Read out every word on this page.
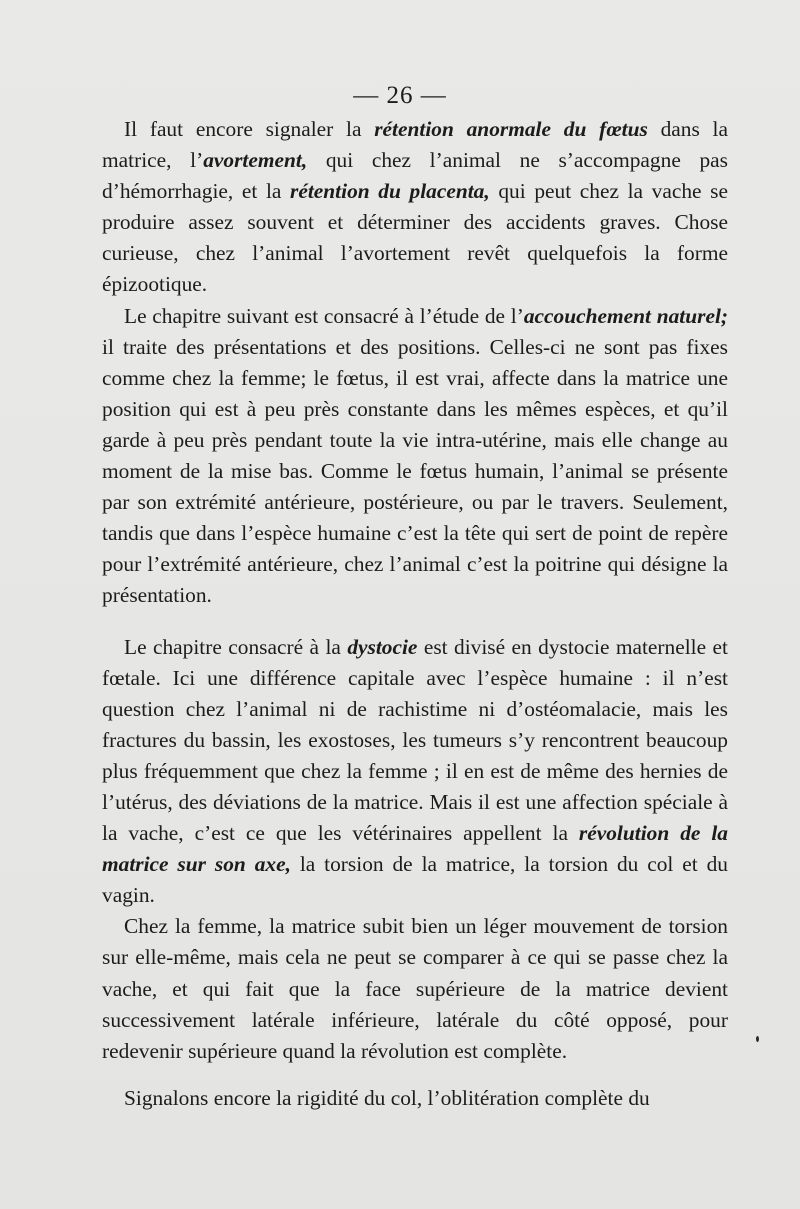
— 26 —

Il faut encore signaler la rétention anormale du fœtus dans la matrice, l’avortement, qui chez l’animal ne s’accompagne pas d’hémorrhagie, et la rétention du placenta, qui peut chez la vache se produire assez souvent et déterminer des accidents graves. Chose curieuse, chez l’animal l’avortement revêt quelquefois la forme épizootique.

Le chapitre suivant est consacré à l’étude de l’accouchement naturel; il traite des présentations et des positions. Celles-ci ne sont pas fixes comme chez la femme; le fœtus, il est vrai, affecte dans la matrice une position qui est à peu près constante dans les mêmes espèces, et qu’il garde à peu près pendant toute la vie intra-utérine, mais elle change au moment de la mise bas. Comme le fœtus humain, l’animal se présente par son extrémité antérieure, postérieure, ou par le travers. Seulement, tandis que dans l’espèce humaine c’est la tête qui sert de point de repère pour l’extrémité antérieure, chez l’animal c’est la poitrine qui désigne la présentation.

Le chapitre consacré à la dystocie est divisé en dystocie maternelle et fœtale. Ici une différence capitale avec l’espèce humaine : il n’est question chez l’animal ni de rachistime ni d’ostéomalacie, mais les fractures du bassin, les exostoses, les tumeurs s’y rencontrent beaucoup plus fréquemment que chez la femme ; il en est de même des hernies de l’utérus, des déviations de la matrice. Mais il est une affection spéciale à la vache, c’est ce que les vétérinaires appellent la révolution de la matrice sur son axe, la torsion de la matrice, la torsion du col et du vagin.

Chez la femme, la matrice subit bien un léger mouvement de torsion sur elle-même, mais cela ne peut se comparer à ce qui se passe chez la vache, et qui fait que la face supérieure de la matrice devient successivement latérale inférieure, latérale du côté opposé, pour redevenir supérieure quand la révolution est complète.

Signalons encore la rigidité du col, l’oblitération complète du
